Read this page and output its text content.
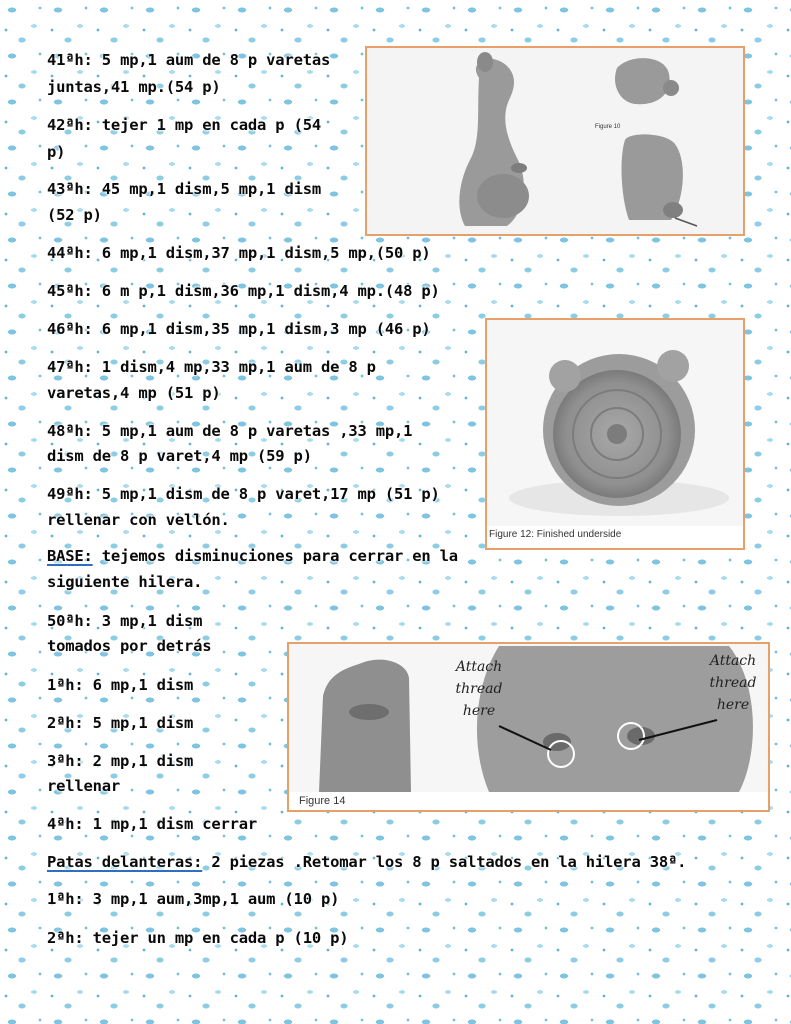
41ªh: 5 mp,1 aum de 8 p varetas

juntas,41 mp.(54 p)

42ªh: tejer 1 mp en cada p (54

p)

43ªh: 45 mp,1 dism,5 mp,1 dism

(52 p)

44ªh: 6 mp,1 dism,37 mp,1 dism,5 mp,(50 p)

45ªh: 6 m p,1 dism,36 mp,1 dism,4 mp.(48 p)

46ªh: 6 mp,1 dism,35 mp,1 dism,3 mp (46 p)

47ªh: 1 dism,4 mp,33 mp,1 aum de 8 p

varetas,4 mp (51 p)

48ªh: 5 mp,1 aum de 8 p varetas ,33 mp,1

dism de 8 p varet,4 mp (59 p)

49ªh: 5 mp,1 dism de 8 p varet,17 mp (51 p)

rellenar con vellón.

BASE: tejemos disminuciones para cerrar en la

siguiente hilera.

50ªh: 3 mp,1 dism

tomados por detrás

1ªh: 6 mp,1 dism

2ªh: 5 mp,1 dism

3ªh: 2 mp,1 dism

rellenar

4ªh: 1 mp,1 dism cerrar

Patas delanteras: 2 piezas .Retomar los 8 p saltados en la hilera 38ª.

1ªh: 3 mp,1 aum,3mp,1 aum (10 p)

2ªh: tejer un mp en cada p (10 p)

Figure 10
Figure 12: Finished underside
Attach thread here
Attach thread here
Figure 14
